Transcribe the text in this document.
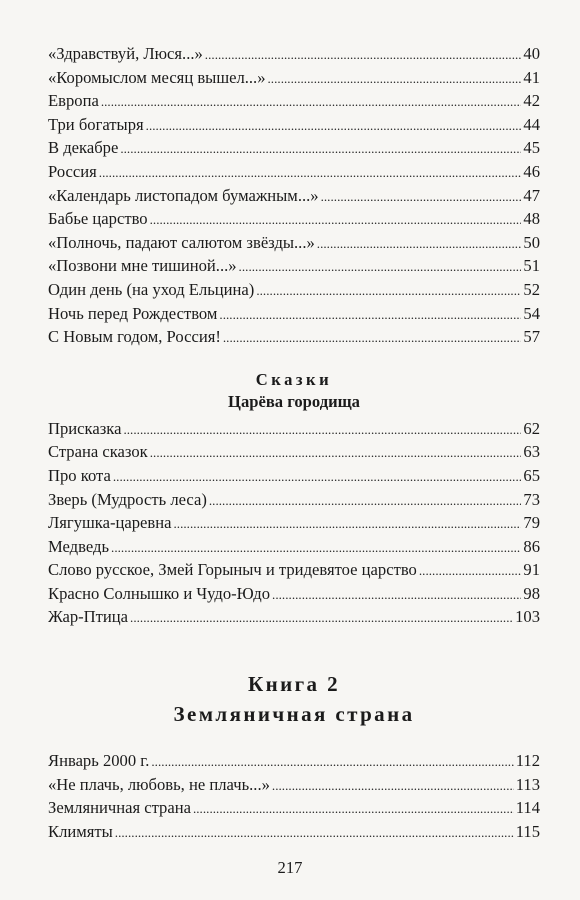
«Здравствуй, Люся...» . . .	40
«Коромыслом месяц вышел...» . . .	41
Европа . . .	42
Три богатыря . . .	44
В декабре . . .	45
Россия . . .	46
«Календарь листопадом бумажным...» . . .	47
Бабье царство . . .	48
«Полночь, падают салютом звёзды...» . . .	50
«Позвони мне тишиной...» . . .	51
Один день (на уход Ельцина) . . .	52
Ночь перед Рождеством . . .	54
С Новым годом, Россия! . . .	57
Сказки
Царёва городища
Присказка . . .	62
Страна сказок . . .	63
Про кота . . .	65
Зверь (Мудрость леса) . . .	73
Лягушка-царевна . . .	79
Медведь . . .	86
Слово русское, Змей Горыныч и тридевятое царство . . .	91
Красно Солнышко и Чудо-Юдо . . .	98
Жар-Птица . . .	103
Книга 2
Земляничная страна
Январь 2000 г. . . .	112
«Не плачь, любовь, не плачь...» . . .	113
Земляничная страна . . .	114
Климяты . . .	115
217
